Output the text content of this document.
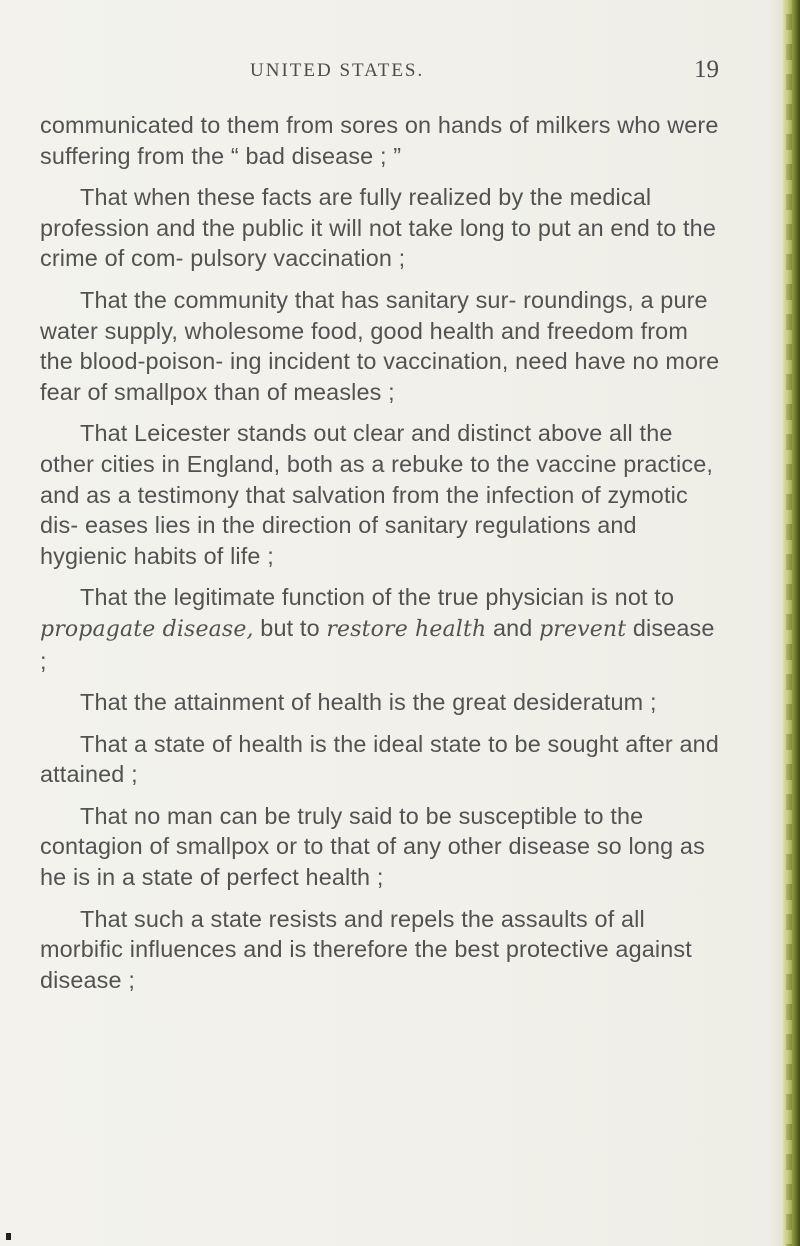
UNITED STATES.	19

communicated to them from sores on hands of milkers who were suffering from the “ bad disease ; ”

That when these facts are fully realized by the medical profession and the public it will not take long to put an end to the crime of com- pulsory vaccination ;

That the community that has sanitary sur- roundings, a pure water supply, wholesome food, good health and freedom from the blood-poison- ing incident to vaccination, need have no more fear of smallpox than of measles ;

That Leicester stands out clear and distinct above all the other cities in England, both as a rebuke to the vaccine practice, and as a testimony that salvation from the infection of zymotic dis- eases lies in the direction of sanitary regulations and hygienic habits of life ;

That the legitimate function of the true physician is not to propagate disease, but to restore health and prevent disease ;

That the attainment of health is the great desideratum ;

That a state of health is the ideal state to be sought after and attained ;

That no man can be truly said to be susceptible to the contagion of smallpox or to that of any other disease so long as he is in a state of perfect health ;

That such a state resists and repels the assaults of all morbific influences and is therefore the best protective against disease ;
